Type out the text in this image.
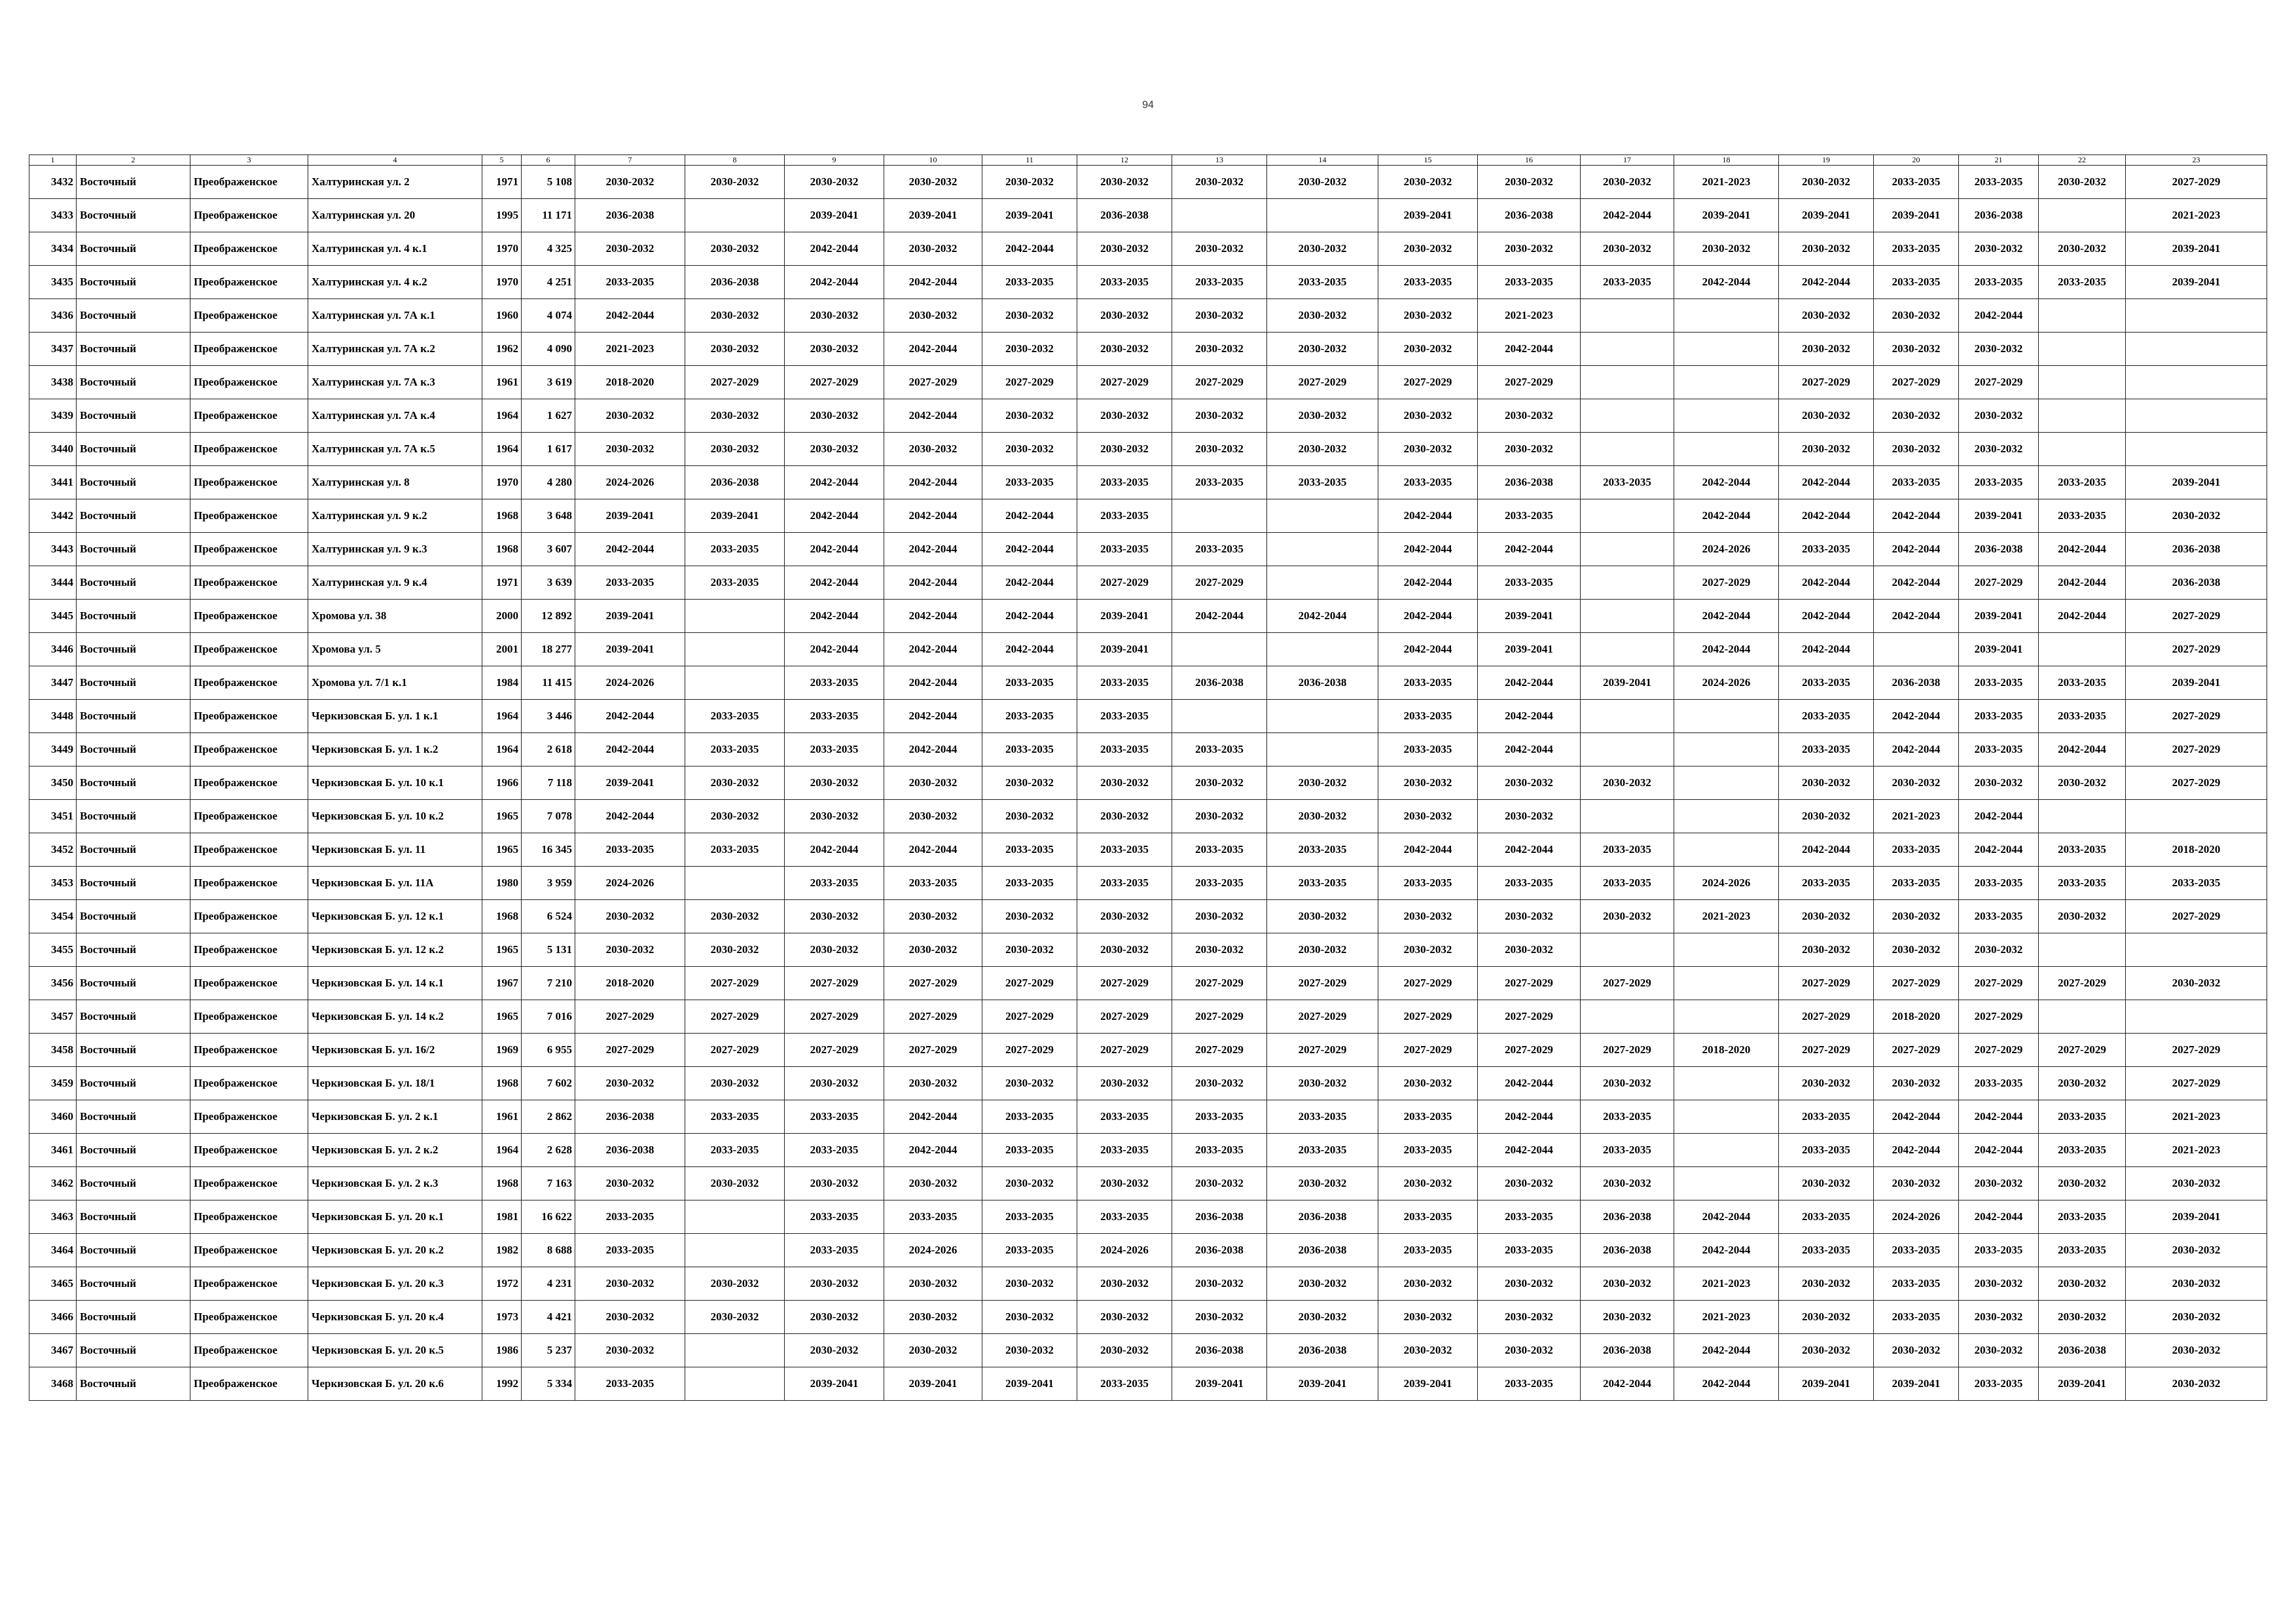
94
1	2	3	4	5	6	7	8	9	10	11	12	13	14	15	16	17	18	19	20	21	22	23
3432	Восточный	Преображенское	Халтуринская ул. 2	1971	5 108	2030-2032	2030-2032	2030-2032	2030-2032	2030-2032	2030-2032	2030-2032	2030-2032	2030-2032	2030-2032	2030-2032	2021-2023	2030-2032	2033-2035	2033-2035	2030-2032	2027-2029
3433	Восточный	Преображенское	Халтуринская ул. 20	1995	11 171	2036-2038		2039-2041	2039-2041	2039-2041	2036-2038			2039-2041	2036-2038	2042-2044	2039-2041	2039-2041	2039-2041	2036-2038		2021-2023
3434	Восточный	Преображенское	Халтуринская ул. 4 к.1	1970	4 325	2030-2032	2030-2032	2042-2044	2030-2032	2042-2044	2030-2032	2030-2032	2030-2032	2030-2032	2030-2032	2030-2032	2030-2032	2030-2032	2033-2035	2030-2032	2030-2032	2039-2041
3435	Восточный	Преображенское	Халтуринская ул. 4 к.2	1970	4 251	2033-2035	2036-2038	2042-2044	2042-2044	2033-2035	2033-2035	2033-2035	2033-2035	2033-2035	2033-2035	2033-2035	2042-2044	2042-2044	2033-2035	2033-2035	2033-2035	2039-2041
3436	Восточный	Преображенское	Халтуринская ул. 7А к.1	1960	4 074	2042-2044	2030-2032	2030-2032	2030-2032	2030-2032	2030-2032	2030-2032	2030-2032	2030-2032	2021-2023			2030-2032	2030-2032	2042-2044		
3437	Восточный	Преображенское	Халтуринская ул. 7А к.2	1962	4 090	2021-2023	2030-2032	2030-2032	2042-2044	2030-2032	2030-2032	2030-2032	2030-2032	2030-2032	2042-2044			2030-2032	2030-2032	2030-2032		
3438	Восточный	Преображенское	Халтуринская ул. 7А к.3	1961	3 619	2018-2020	2027-2029	2027-2029	2027-2029	2027-2029	2027-2029	2027-2029	2027-2029	2027-2029	2027-2029			2027-2029	2027-2029	2027-2029		
3439	Восточный	Преображенское	Халтуринская ул. 7А к.4	1964	1 627	2030-2032	2030-2032	2030-2032	2042-2044	2030-2032	2030-2032	2030-2032	2030-2032	2030-2032	2030-2032			2030-2032	2030-2032	2030-2032		
3440	Восточный	Преображенское	Халтуринская ул. 7А к.5	1964	1 617	2030-2032	2030-2032	2030-2032	2030-2032	2030-2032	2030-2032	2030-2032	2030-2032	2030-2032	2030-2032			2030-2032	2030-2032	2030-2032		
3441	Восточный	Преображенское	Халтуринская ул. 8	1970	4 280	2024-2026	2036-2038	2042-2044	2042-2044	2033-2035	2033-2035	2033-2035	2033-2035	2033-2035	2036-2038	2033-2035	2042-2044	2042-2044	2033-2035	2033-2035	2033-2035	2039-2041
3442	Восточный	Преображенское	Халтуринская ул. 9 к.2	1968	3 648	2039-2041	2039-2041	2042-2044	2042-2044	2042-2044	2033-2035			2042-2044	2033-2035		2042-2044	2042-2044	2042-2044	2039-2041	2033-2035	2030-2032
3443	Восточный	Преображенское	Халтуринская ул. 9 к.3	1968	3 607	2042-2044	2033-2035	2042-2044	2042-2044	2042-2044	2033-2035	2033-2035		2042-2044	2042-2044		2024-2026	2033-2035	2042-2044	2036-2038	2042-2044	2036-2038
3444	Восточный	Преображенское	Халтуринская ул. 9 к.4	1971	3 639	2033-2035	2033-2035	2042-2044	2042-2044	2042-2044	2027-2029	2027-2029		2042-2044	2033-2035		2027-2029	2042-2044	2042-2044	2027-2029	2042-2044	2036-2038
3445	Восточный	Преображенское	Хромова ул. 38	2000	12 892	2039-2041		2042-2044	2042-2044	2042-2044	2039-2041	2042-2044	2042-2044	2042-2044	2039-2041		2042-2044	2042-2044	2042-2044	2039-2041	2042-2044	2027-2029
3446	Восточный	Преображенское	Хромова ул. 5	2001	18 277	2039-2041		2042-2044	2042-2044	2042-2044	2039-2041			2042-2044	2039-2041		2042-2044	2042-2044		2039-2041		2027-2029
3447	Восточный	Преображенское	Хромова ул. 7/1 к.1	1984	11 415	2024-2026		2033-2035	2042-2044	2033-2035	2033-2035	2036-2038	2036-2038	2033-2035	2042-2044	2039-2041	2024-2026	2033-2035	2036-2038	2033-2035	2033-2035	2039-2041
3448	Восточный	Преображенское	Черкизовская Б. ул. 1 к.1	1964	3 446	2042-2044	2033-2035	2033-2035	2042-2044	2033-2035	2033-2035			2033-2035	2042-2044			2033-2035	2042-2044	2033-2035	2033-2035	2027-2029
3449	Восточный	Преображенское	Черкизовская Б. ул. 1 к.2	1964	2 618	2042-2044	2033-2035	2033-2035	2042-2044	2033-2035	2033-2035	2033-2035		2033-2035	2042-2044			2033-2035	2042-2044	2033-2035	2042-2044	2027-2029
3450	Восточный	Преображенское	Черкизовская Б. ул. 10 к.1	1966	7 118	2039-2041	2030-2032	2030-2032	2030-2032	2030-2032	2030-2032	2030-2032	2030-2032	2030-2032	2030-2032	2030-2032		2030-2032	2030-2032	2030-2032	2030-2032	2027-2029
3451	Восточный	Преображенское	Черкизовская Б. ул. 10 к.2	1965	7 078	2042-2044	2030-2032	2030-2032	2030-2032	2030-2032	2030-2032	2030-2032	2030-2032	2030-2032	2030-2032			2030-2032	2021-2023	2042-2044		
3452	Восточный	Преображенское	Черкизовская Б. ул. 11	1965	16 345	2033-2035	2033-2035	2042-2044	2042-2044	2033-2035	2033-2035	2033-2035	2033-2035	2042-2044	2042-2044	2033-2035		2042-2044	2033-2035	2042-2044	2033-2035	2018-2020
3453	Восточный	Преображенское	Черкизовская Б. ул. 11А	1980	3 959	2024-2026		2033-2035	2033-2035	2033-2035	2033-2035	2033-2035	2033-2035	2033-2035	2033-2035	2033-2035	2024-2026	2033-2035	2033-2035	2033-2035	2033-2035	2033-2035
3454	Восточный	Преображенское	Черкизовская Б. ул. 12 к.1	1968	6 524	2030-2032	2030-2032	2030-2032	2030-2032	2030-2032	2030-2032	2030-2032	2030-2032	2030-2032	2030-2032	2030-2032	2021-2023	2030-2032	2030-2032	2033-2035	2030-2032	2027-2029
3455	Восточный	Преображенское	Черкизовская Б. ул. 12 к.2	1965	5 131	2030-2032	2030-2032	2030-2032	2030-2032	2030-2032	2030-2032	2030-2032	2030-2032	2030-2032	2030-2032			2030-2032	2030-2032	2030-2032		
3456	Восточный	Преображенское	Черкизовская Б. ул. 14 к.1	1967	7 210	2018-2020	2027-2029	2027-2029	2027-2029	2027-2029	2027-2029	2027-2029	2027-2029	2027-2029	2027-2029	2027-2029		2027-2029	2027-2029	2027-2029	2027-2029	2030-2032
3457	Восточный	Преображенское	Черкизовская Б. ул. 14 к.2	1965	7 016	2027-2029	2027-2029	2027-2029	2027-2029	2027-2029	2027-2029	2027-2029	2027-2029	2027-2029	2027-2029			2027-2029	2018-2020	2027-2029		
3458	Восточный	Преображенское	Черкизовская Б. ул. 16/2	1969	6 955	2027-2029	2027-2029	2027-2029	2027-2029	2027-2029	2027-2029	2027-2029	2027-2029	2027-2029	2027-2029	2027-2029	2018-2020	2027-2029	2027-2029	2027-2029	2027-2029	2027-2029
3459	Восточный	Преображенское	Черкизовская Б. ул. 18/1	1968	7 602	2030-2032	2030-2032	2030-2032	2030-2032	2030-2032	2030-2032	2030-2032	2030-2032	2030-2032	2042-2044	2030-2032		2030-2032	2030-2032	2033-2035	2030-2032	2027-2029
3460	Восточный	Преображенское	Черкизовская Б. ул. 2 к.1	1961	2 862	2036-2038	2033-2035	2033-2035	2042-2044	2033-2035	2033-2035	2033-2035	2033-2035	2033-2035	2042-2044	2033-2035		2033-2035	2042-2044	2042-2044	2033-2035	2021-2023
3461	Восточный	Преображенское	Черкизовская Б. ул. 2 к.2	1964	2 628	2036-2038	2033-2035	2033-2035	2042-2044	2033-2035	2033-2035	2033-2035	2033-2035	2033-2035	2042-2044	2033-2035		2033-2035	2042-2044	2042-2044	2033-2035	2021-2023
3462	Восточный	Преображенское	Черкизовская Б. ул. 2 к.3	1968	7 163	2030-2032	2030-2032	2030-2032	2030-2032	2030-2032	2030-2032	2030-2032	2030-2032	2030-2032	2030-2032	2030-2032		2030-2032	2030-2032	2030-2032	2030-2032	2030-2032
3463	Восточный	Преображенское	Черкизовская Б. ул. 20 к.1	1981	16 622	2033-2035		2033-2035	2033-2035	2033-2035	2033-2035	2036-2038	2036-2038	2033-2035	2033-2035	2036-2038	2042-2044	2033-2035	2024-2026	2042-2044	2033-2035	2039-2041
3464	Восточный	Преображенское	Черкизовская Б. ул. 20 к.2	1982	8 688	2033-2035		2033-2035	2024-2026	2033-2035	2024-2026	2036-2038	2036-2038	2033-2035	2033-2035	2036-2038	2042-2044	2033-2035	2033-2035	2033-2035	2033-2035	2030-2032
3465	Восточный	Преображенское	Черкизовская Б. ул. 20 к.3	1972	4 231	2030-2032	2030-2032	2030-2032	2030-2032	2030-2032	2030-2032	2030-2032	2030-2032	2030-2032	2030-2032	2030-2032	2021-2023	2030-2032	2033-2035	2030-2032	2030-2032	2030-2032
3466	Восточный	Преображенское	Черкизовская Б. ул. 20 к.4	1973	4 421	2030-2032	2030-2032	2030-2032	2030-2032	2030-2032	2030-2032	2030-2032	2030-2032	2030-2032	2030-2032	2030-2032	2021-2023	2030-2032	2033-2035	2030-2032	2030-2032	2030-2032
3467	Восточный	Преображенское	Черкизовская Б. ул. 20 к.5	1986	5 237	2030-2032		2030-2032	2030-2032	2030-2032	2030-2032	2036-2038	2036-2038	2030-2032	2030-2032	2036-2038	2042-2044	2030-2032	2030-2032	2030-2032	2036-2038	2030-2032
3468	Восточный	Преображенское	Черкизовская Б. ул. 20 к.6	1992	5 334	2033-2035		2039-2041	2039-2041	2039-2041	2033-2035	2039-2041	2039-2041	2039-2041	2033-2035	2042-2044	2042-2044	2039-2041	2039-2041	2033-2035	2039-2041	2030-2032
